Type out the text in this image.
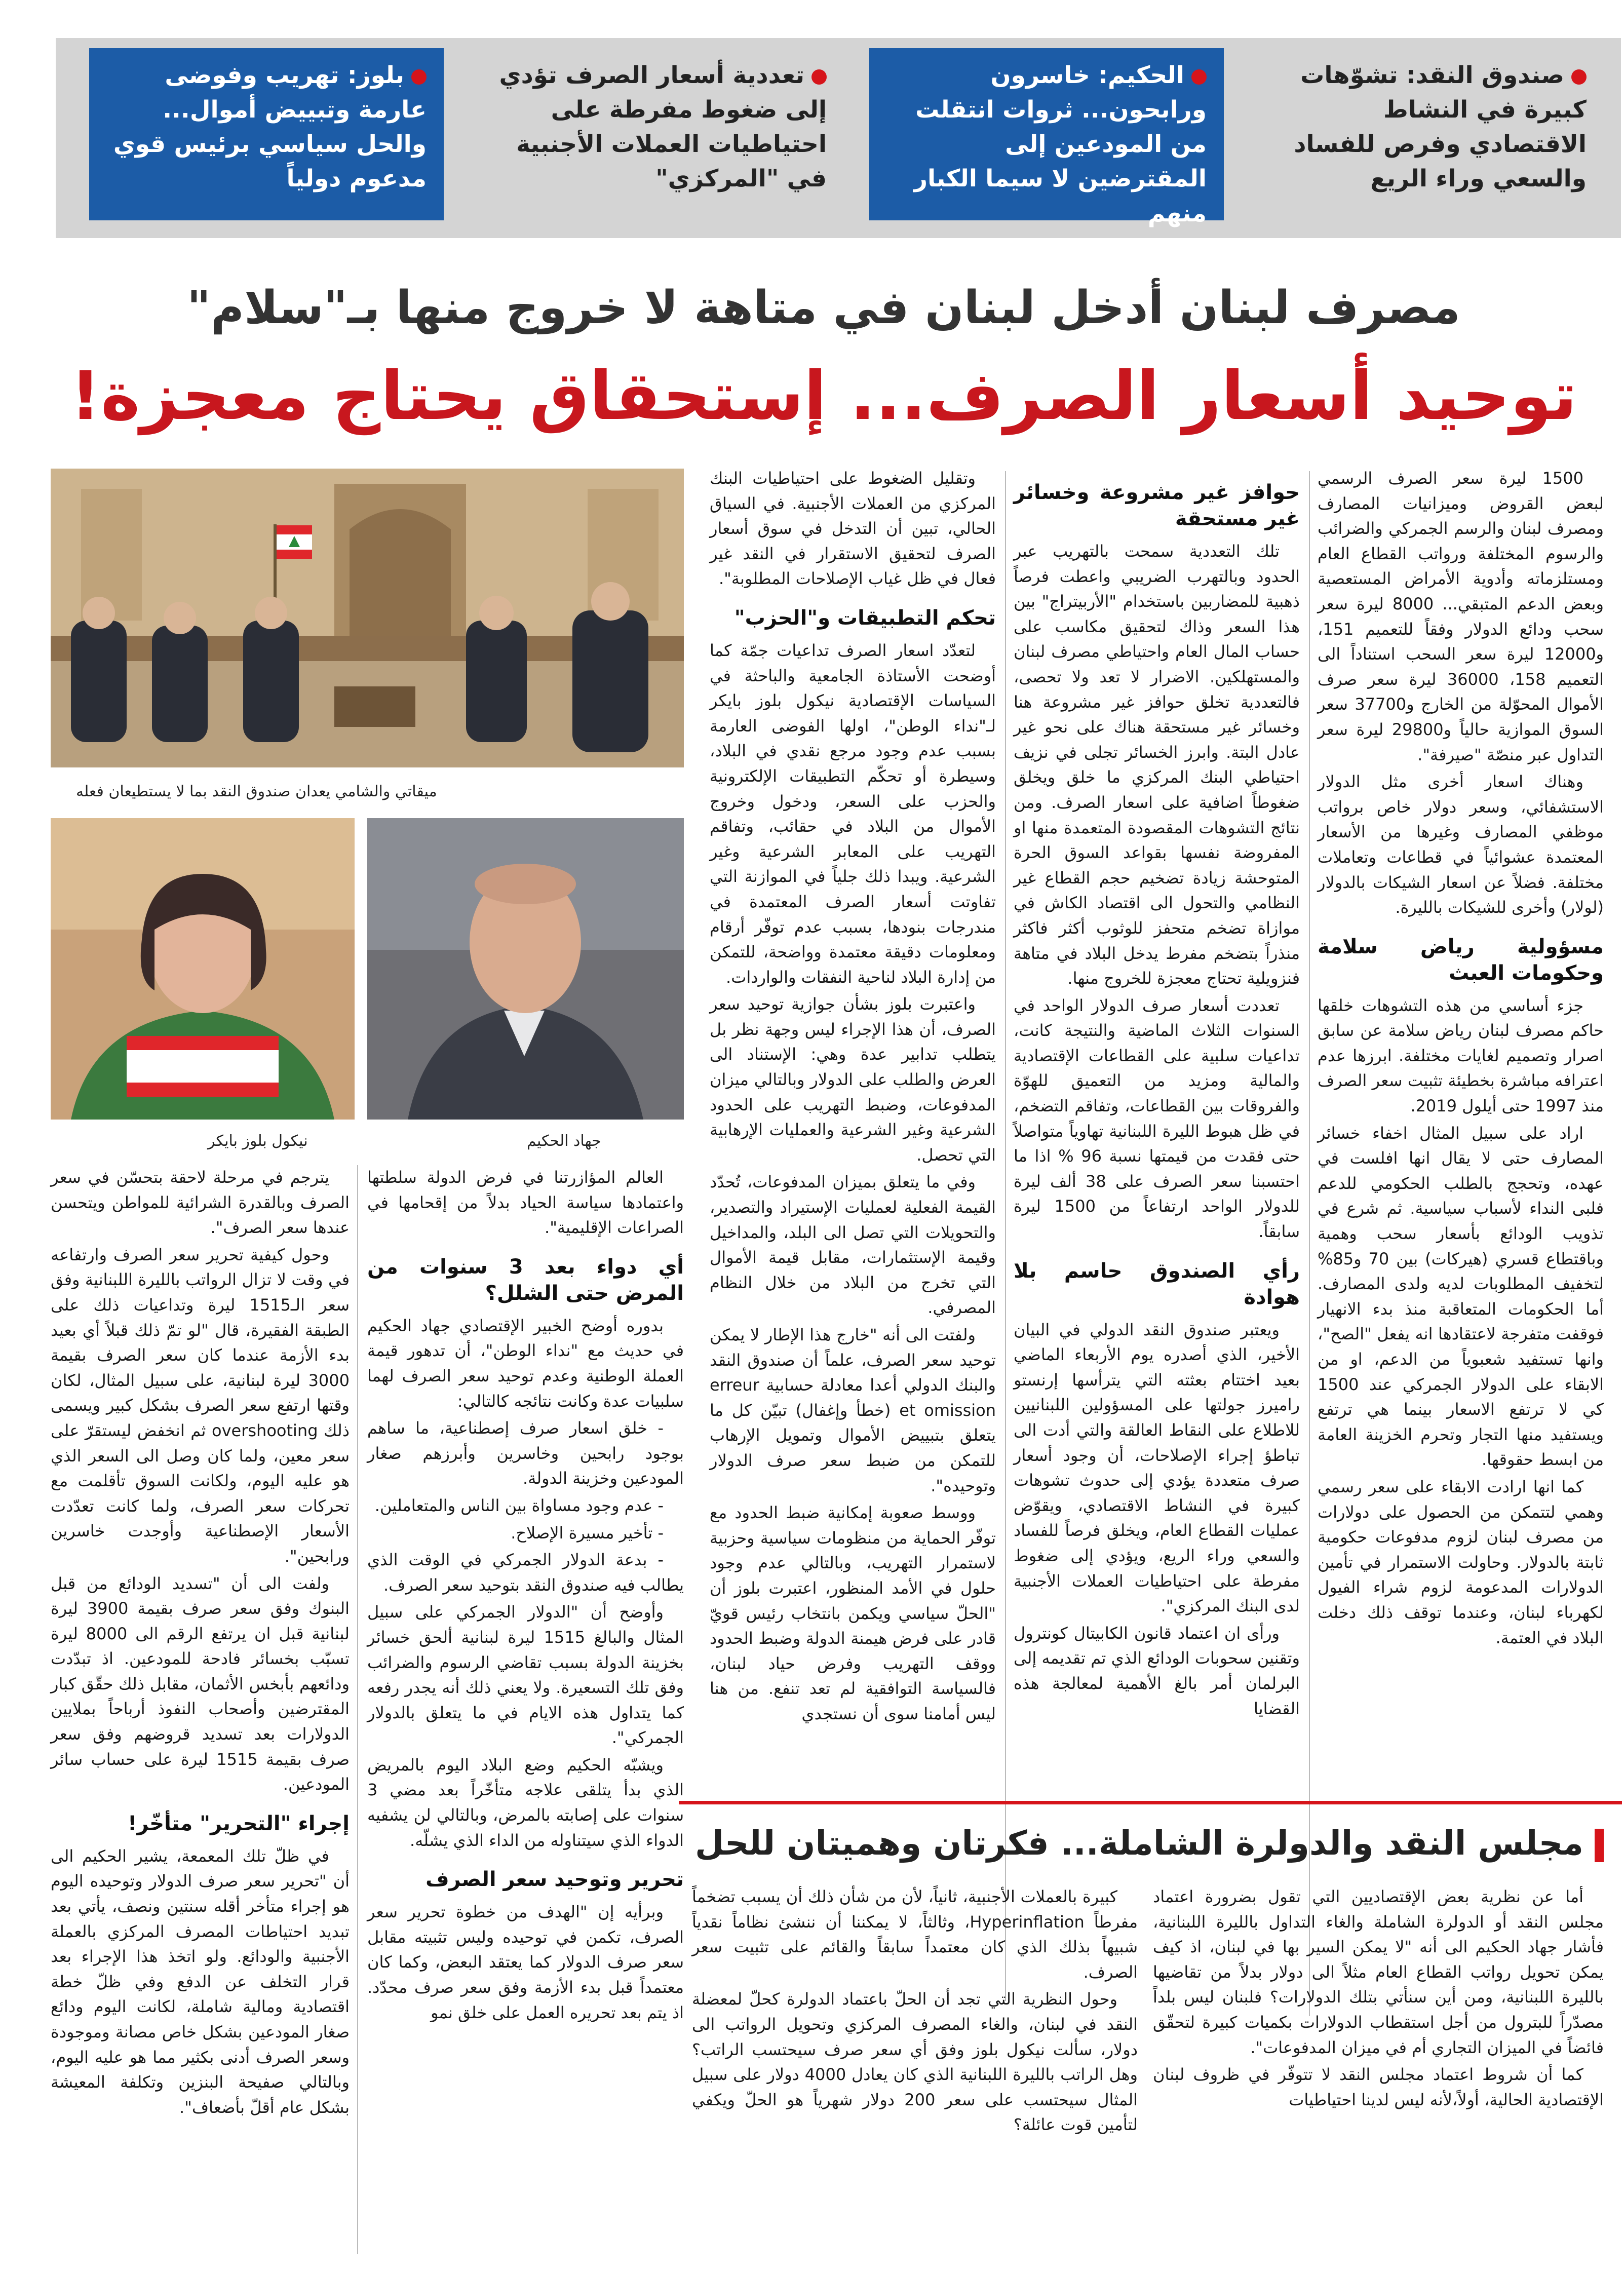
صندوق النقد: تشوّهات كبيرة في النشاط الاقتصادي وفرص للفساد والسعي وراء الريع
الحكيم: خاسرون ورابحون... ثروات انتقلت من المودعين إلى المقترضين لا سيما الكبار منهم
تعددية أسعار الصرف تؤدي إلى ضغوط مفرطة على احتياطيات العملات الأجنبية في "المركزي"
بلوز: تهريب وفوضى عارمة وتبييض أموال... والحل سياسي برئيس قوي مدعوم دولياً
مصرف لبنان أدخل لبنان في متاهة لا خروج منها بـ"سلام"
توحيد أسعار الصرف... إستحقاق يحتاج معجزة!

1500 ليرة سعر الصرف الرسمي لبعض القروض وميزانيات المصارف ومصرف لبنان والرسم الجمركي والضرائب والرسوم المختلفة ورواتب القطاع العام ومستلزماته وأدوية الأمراض المستعصية وبعض الدعم المتبقي... 8000 ليرة سعر سحب ودائع الدولار وفقاً للتعميم 151، و12000 ليرة سعر السحب استناداً الى التعميم 158، 36000 ليرة سعر صرف الأموال المحوّلة من الخارج و37700 سعر السوق الموازية حالياً و29800 ليرة سعر التداول عبر منصّة "صيرفة".

وهناك اسعار أخرى مثل الدولار الاستشفائي، وسعر دولار خاص برواتب موظفي المصارف وغيرها من الأسعار المعتمدة عشوائياً في قطاعات وتعاملات مختلفة. فضلاً عن اسعار الشيكات بالدولار (لولار) وأخرى للشيكات بالليرة.

مسؤولية رياض سلامة وحكومات العبث

جزء أساسي من هذه التشوهات خلقها حاكم مصرف لبنان رياض سلامة عن سابق اصرار وتصميم لغايات مختلفة. ابرزها عدم اعترافه مباشرة بخطيئة تثبيت سعر الصرف منذ 1997 حتى أيلول 2019.

اراد على سبيل المثال اخفاء خسائر المصارف حتى لا يقال انها افلست في عهده، وتحجج بالطلب الحكومي للدعم فلبى النداء لأسباب سياسية. ثم شرع في تذويب الودائع بأسعار سحب وهمية وباقتطاع قسري (هيركات) بين 70 و85% لتخفيف المطلوبات لديه ولدى المصارف. أما الحكومات المتعاقبة منذ بدء الانهيار فوقفت متفرجة لاعتقادها انه يفعل "الصح"، وانها تستفيد شعبوياً من الدعم، او من الابقاء على الدولار الجمركي عند 1500 كي لا ترتفع الاسعار بينما هي ترتفع ويستفيد منها التجار وتحرم الخزينة العامة من ابسط حقوقها.

كما انها ارادت الابقاء على سعر رسمي وهمي لتتمكن من الحصول على دولارات من مصرف لبنان لزوم مدفوعات حكومية ثابتة بالدولار. وحاولت الاستمرار في تأمين الدولارات المدعومة لزوم شراء الفيول لكهرباء لبنان، وعندما توقف ذلك دخلت البلاد في العتمة.

حوافز غير مشروعة وخسائر غير مستحقة

تلك التعددية سمحت بالتهريب عبر الحدود وبالتهرب الضريبي واعطت فرصاً ذهبية للمضاربين باستخدام "الأربيتراج" بين هذا السعر وذاك لتحقيق مكاسب على حساب المال العام واحتياطي مصرف لبنان والمستهلكين. الاضرار لا تعد ولا تحصى، فالتعددية تخلق حوافز غير مشروعة هنا وخسائر غير مستحقة هناك على نحو غير عادل البتة. وابرز الخسائر تجلى في نزيف احتياطي البنك المركزي ما خلق ويخلق ضغوطاً اضافية على اسعار الصرف. ومن نتائج التشوهات المقصودة المتعمدة منها او المفروضة نفسها بقواعد السوق الحرة المتوحشة زيادة تضخيم حجم القطاع غير النظامي والتحول الى اقتصاد الكاش في موازاة تضخم متحفز للوثوب أكثر فاكثر منذراً بتضخم مفرط يدخل البلاد في متاهة فنزويلية تحتاج معجزة للخروج منها.

تعددت أسعار صرف الدولار الواحد في السنوات الثلاث الماضية والنتيجة كانت، تداعيات سلبية على القطاعات الإقتصادية والمالية ومزيد من التعميق للهوّة والفروقات بين القطاعات، وتفاقم التضخم، في ظل هبوط الليرة اللبنانية تهاوياً متواصلاً حتى فقدت من قيمتها نسبة 96 % اذا ما احتسبنا سعر الصرف على 38 ألف ليرة للدولار الواحد ارتفاعاً من 1500 ليرة سابقاً.

رأي الصندوق حاسم بلا هوادة

ويعتبر صندوق النقد الدولي في البيان الأخير، الذي أصدره يوم الأربعاء الماضي بعيد اختتام بعثته التي يترأسها إرنستو راميرز جولتها على المسؤولين اللبنانيين للاطلاع على النقاط العالقة والتي أدت الى تباطؤ إجراء الإصلاحات، أن وجود أسعار صرف متعددة يؤدي إلى حدوث تشوهات كبيرة في النشاط الاقتصادي، ويقوّض عمليات القطاع العام، ويخلق فرصاً للفساد والسعي وراء الريع، ويؤدي إلى ضغوط مفرطة على احتياطيات العملات الأجنبية لدى البنك المركزي".

ورأى ان اعتماد قانون الكابيتال كونترول وتقنين سحوبات الودائع الذي تم تقديمه إلى البرلمان أمر بالغ الأهمية لمعالجة هذه القضايا

وتقليل الضغوط على احتياطيات البنك المركزي من العملات الأجنبية. في السياق الحالي، تبين أن التدخل في سوق أسعار الصرف لتحقيق الاستقرار في النقد غير فعال في ظل غياب الإصلاحات المطلوبة".

تحكم التطبيقات و"الحزب"

لتعدّد اسعار الصرف تداعيات جمّة كما أوضحت الأستاذة الجامعية والباحثة في السياسات الإقتصادية نيكول بلوز بايكر لـ"نداء الوطن"، اولها الفوضى العارمة بسبب عدم وجود مرجع نقدي في البلاد، وسيطرة أو تحكّم التطبيقات الإلكترونية والحزب على السعر، ودخول وخروج الأموال من البلاد في حقائب، وتفاقم التهريب على المعابر الشرعية وغير الشرعية. ويبدا ذلك جلياً في الموازنة التي تفاوتت أسعار الصرف المعتمدة في مندرجات بنودها، بسبب عدم توفّر أرقام ومعلومات دقيقة معتمدة وواضحة، للتمكن من إدارة البلاد لناحية النفقات والواردات.

واعتبرت بلوز بشأن جوازية توحيد سعر الصرف، أن هذا الإجراء ليس وجهة نظر بل يتطلب تدابير عدة وهي: الإستناد الى العرض والطلب على الدولار وبالتالي ميزان المدفوعات، وضبط التهريب على الحدود الشرعية وغير الشرعية والعمليات الإرهابية التي تحصل.

وفي ما يتعلق بميزان المدفوعات، تُحدّد القيمة الفعلية لعمليات الإستيراد والتصدير، والتحويلات التي تصل الى البلد، والمداخيل وقيمة الإستثمارات، مقابل قيمة الأموال التي تخرج من البلاد من خلال النظام المصرفي.

ولفتت الى أنه "خارج هذا الإطار لا يمكن توحيد سعر الصرف، علماً أن صندوق النقد والبنك الدولي أعدا معادلة حسابية erreur et omission (خطأ وإغفال) تبيّن كل ما يتعلق بتبييض الأموال وتمويل الإرهاب للتمكن من ضبط سعر صرف الدولار وتوحيده".

ووسط صعوبة إمكانية ضبط الحدود مع توفّر الحماية من منظومات سياسية وحزبية لاستمرار التهريب، وبالتالي عدم وجود حلول في الأمد المنظور، اعتبرت بلوز أن "الحلّ سياسي ويكمن بانتخاب رئيس قويّ قادر على فرض هيمنة الدولة وضبط الحدود ووقف التهريب وفرض حياد لبنان، فالسياسة التوافقية لم تعد تنفع. من هنا ليس أمامنا سوى أن نستجدي

ميقاتي والشامي يعدان صندوق النقد بما لا يستطيعان فعله
جهاد الحكيم
نيكول بلوز بايكر

العالم المؤازرتنا في فرض الدولة سلطتها واعتمادها سياسة الحياد بدلاً من إقحامها في الصراعات الإقليمية".

أي دواء بعد 3 سنوات من المرض حتى الشلل؟

بدوره أوضح الخبير الإقتصادي جهاد الحكيم في حديث مع "نداء الوطن"، أن تدهور قيمة العملة الوطنية وعدم توحيد سعر الصرف لهما سلبيات عدة وكانت نتائجه كالتالي:

- خلق اسعار صرف إصطناعية، ما ساهم بوجود رابحين وخاسرين وأبرزهم صغار المودعين وخزينة الدولة.

- عدم وجود مساواة بين الناس والمتعاملين.

- تأخير مسيرة الإصلاح.

- بدعة الدولار الجمركي في الوقت الذي يطالب فيه صندوق النقد بتوحيد سعر الصرف.

وأوضح أن "الدولار الجمركي على سبيل المثال والبالغ 1515 ليرة لبنانية ألحق خسائر بخزينة الدولة بسبب تقاضي الرسوم والضرائب وفق تلك التسعيرة. ولا يعني ذلك أنه يجدر رفعه كما يتداول هذه الايام في ما يتعلق بالدولار الجمركي".

ويشبّه الحكيم وضع البلاد اليوم بالمريض الذي بدأ يتلقى علاجه متأخّراً بعد مضي 3 سنوات على إصابته بالمرض، وبالتالي لن يشفيه الدواء الذي سيتناوله من الداء الذي يشلّه.

تحرير وتوحيد سعر الصرف

وبرأيه إن "الهدف من خطوة تحرير سعر الصرف، تكمن في توحيده وليس تثبيته مقابل سعر صرف الدولار كما يعتقد البعض، وكما كان معتمداً قبل بدء الأزمة وفق سعر صرف محدّد. اذ يتم بعد تحريره العمل على خلق نمو

يترجم في مرحلة لاحقة بتحسّن في سعر الصرف وبالقدرة الشرائية للمواطن ويتحسن عندها سعر الصرف".

وحول كيفية تحرير سعر الصرف وارتفاعه في وقت لا تزال الرواتب بالليرة اللبنانية وفق سعر الـ1515 ليرة وتداعيات ذلك على الطبقة الفقيرة، قال "لو تمّ ذلك قبلاً أي بعيد بدء الأزمة عندما كان سعر الصرف بقيمة 3000 ليرة لبنانية، على سبيل المثال، لكان وقتها ارتفع سعر الصرف بشكل كبير ويسمى ذلك overshooting ثم انخفض ليستقرّ على سعر معين، ولما كان وصل الى السعر الذي هو عليه اليوم، ولكانت السوق تأقلمت مع تحركات سعر الصرف، ولما كانت تعدّدت الأسعار الإصطناعية وأوجدت خاسرين ورابحين".

ولفت الى أن "تسديد الودائع من قبل البنوك وفق سعر صرف بقيمة 3900 ليرة لبنانية قبل ان يرتفع الرقم الى 8000 ليرة تسبّب بخسائر فادحة للمودعين. اذ تبدّدت ودائعهم بأبخس الأثمان، مقابل ذلك حقّق كبار المقترضين وأصحاب النفوذ أرباحاً بملايين الدولارات بعد تسديد قروضهم وفق سعر صرف بقيمة 1515 ليرة على حساب سائر المودعين.

إجراء "التحرير" متأخّر!

في ظلّ تلك المعمعة، يشير الحكيم الى أن "تحرير سعر صرف الدولار وتوحيده اليوم هو إجراء متأخر أقله سنتين ونصف، يأتي بعد تبديد احتياطات المصرف المركزي بالعملة الأجنبية والودائع. ولو اتخذ هذا الإجراء بعد قرار التخلف عن الدفع وفي ظلّ خطة اقتصادية ومالية شاملة، لكانت اليوم ودائع صغار المودعين بشكل خاص مصانة وموجودة وسعر الصرف أدنى بكثير مما هو عليه اليوم، وبالتالي صفيحة البنزين وتكلفة المعيشة بشكل عام أقلّ بأضعاف".

مجلس النقد والدولرة الشاملة... فكرتان وهميتان للحل

أما عن نظرية بعض الإقتصاديين التي تقول بضرورة اعتماد مجلس النقد أو الدولرة الشاملة والغاء التداول بالليرة اللبنانية، فأشار جهاد الحكيم الى أنه "لا يمكن السير بها في لبنان، اذ كيف يمكن تحويل رواتب القطاع العام مثلاً الى دولار بدلاً من تقاضيها بالليرة اللبنانية، ومن أين سنأتي بتلك الدولارات؟ فلبنان ليس بلداً مصدّراً للبترول من أجل استقطاب الدولارات بكميات كبيرة لتحقّق فائضاً في الميزان التجاري أم في ميزان المدفوعات".

كما أن شروط اعتماد مجلس النقد لا تتوفّر في ظروف لبنان الإقتصادية الحالية، أولاً،لأنه ليس لدينا احتياطيات

كبيرة بالعملات الأجنبية، ثانياً، لأن من شأن ذلك أن يسبب تضخماً مفرطاً Hyperinflation، وثالثاً، لا يمكننا أن ننشئ نظاماً نقدياً شبيهاً بذلك الذي كان معتمداً سابقاً والقائم على تثبيت سعر الصرف.

وحول النظرية التي تجد أن الحلّ باعتماد الدولرة كحلّ لمعضلة النقد في لبنان، والغاء المصرف المركزي وتحويل الرواتب الى دولار، سألت نيكول بلوز وفق أي سعر صرف سيحتسب الراتب؟ وهل الراتب بالليرة اللبنانية الذي كان يعادل 4000 دولار على سبيل المثال سيحتسب على سعر 200 دولار شهرياً هو الحلّ ويكفي لتأمين قوت عائلة؟
